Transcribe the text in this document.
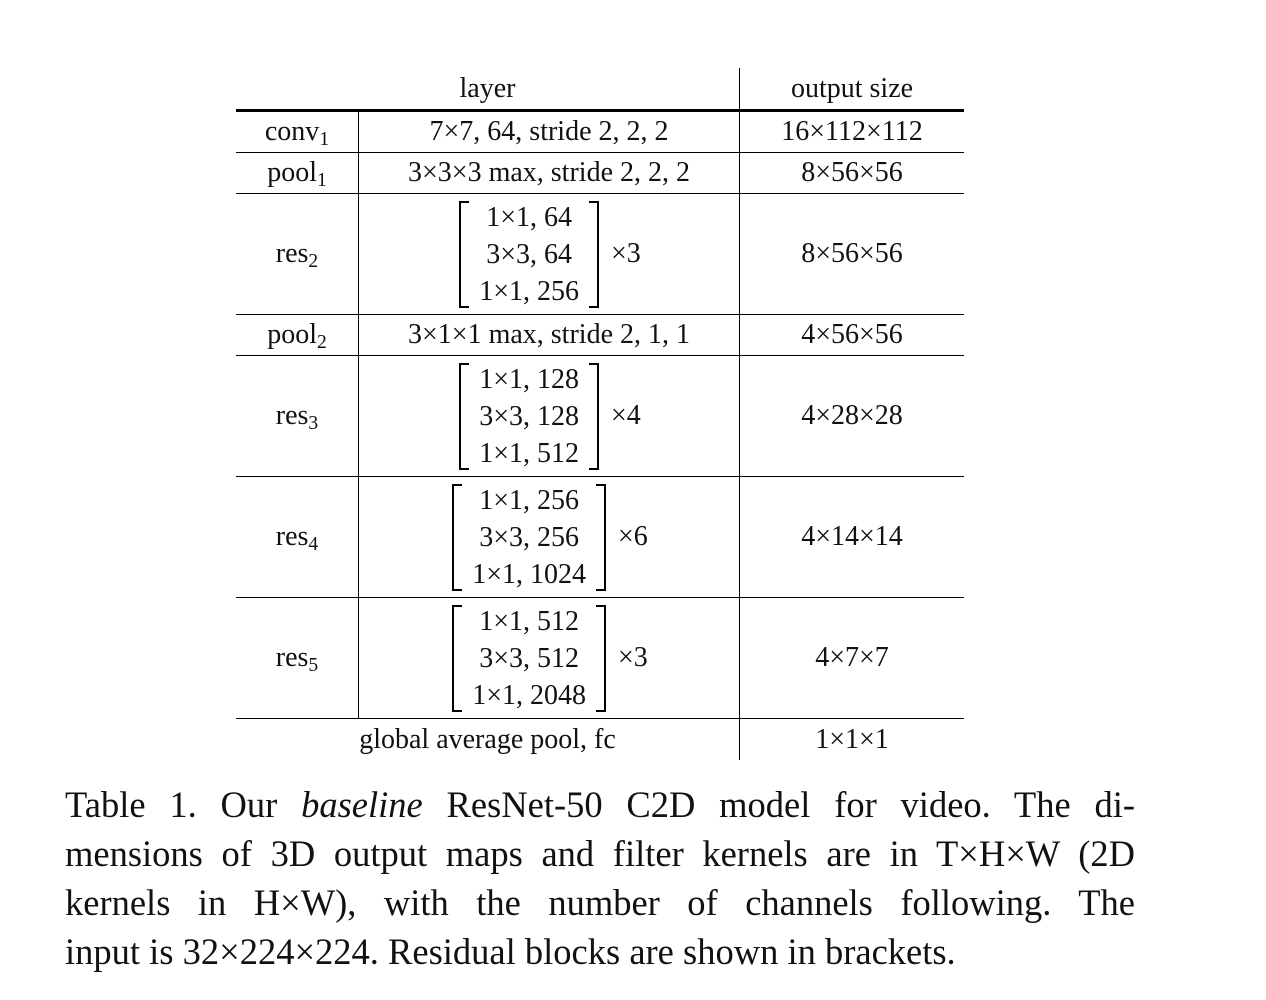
layer		output size
conv$_1$	7×7, 64, stride 2, 2, 2	16×112×112
pool$_1$	3×3×3 max, stride 2, 2, 2	8×56×56
res$_2$	1×1, 64
3×3, 64
1×1, 256
×3	8×56×56
pool$_2$	3×1×1 max, stride 2, 1, 1	4×56×56
res$_3$	1×1, 128
3×3, 128
1×1, 512
×4	4×28×28
res$_4$	1×1, 256
3×3, 256
1×1, 1024
×6	4×14×14
res$_5$	1×1, 512
3×3, 512
1×1, 2048
×3	4×7×7
global average pool, fc		1×1×1
Table 1. Our baseline ResNet-50 C2D model for video. The di-
mensions of 3D output maps and filter kernels are in T×H×W (2D
kernels in H×W), with the number of channels following. The
input is 32×224×224. Residual blocks are shown in brackets.
